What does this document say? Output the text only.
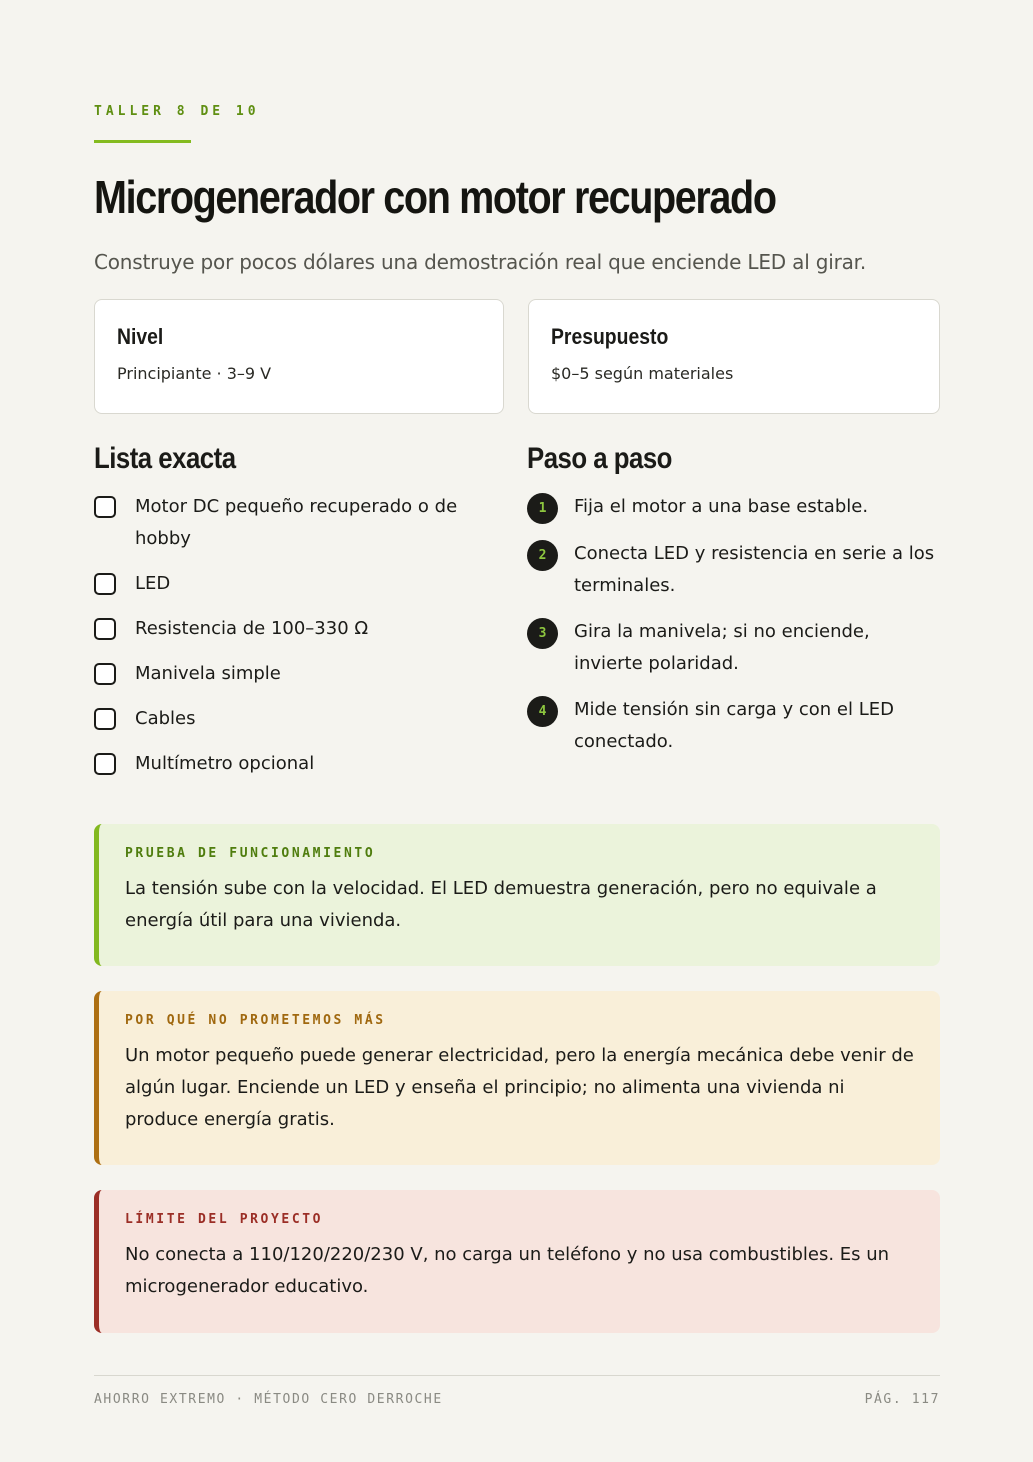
TALLER 8 DE 10
Microgenerador con motor recuperado
Construye por pocos dólares una demostración real que enciende LED al girar.
Nivel
Principiante · 3–9 V
Presupuesto
$0–5 según materiales
Lista exacta
Motor DC pequeño recuperado o de hobby
LED
Resistencia de 100–330 Ω
Manivela simple
Cables
Multímetro opcional
Paso a paso
1	Fija el motor a una base estable.
2	Conecta LED y resistencia en serie a los terminales.
3	Gira la manivela; si no enciende, invierte polaridad.
4	Mide tensión sin carga y con el LED conectado.
PRUEBA DE FUNCIONAMIENTO
La tensión sube con la velocidad. El LED demuestra generación, pero no equivale a energía útil para una vivienda.
POR QUÉ NO PROMETEMOS MÁS
Un motor pequeño puede generar electricidad, pero la energía mecánica debe venir de algún lugar. Enciende un LED y enseña el principio; no alimenta una vivienda ni produce energía gratis.
LÍMITE DEL PROYECTO
No conecta a 110/120/220/230 V, no carga un teléfono y no usa combustibles. Es un microgenerador educativo.
AHORRO EXTREMO · MÉTODO CERO DERROCHE	PÁG. 117
